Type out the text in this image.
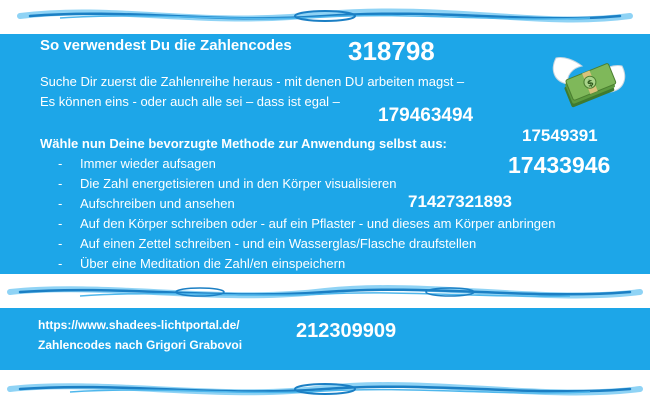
So verwendest Du die Zahlencodes 318798
Suche Dir zuerst die Zahlenreihe heraus - mit denen DU arbeiten magst –
Es können eins - oder auch alle sei – dass ist egal –
179463494
Wähle nun Deine bevorzugte Methode zur Anwendung selbst aus:	17549391
17433946
71427321893
-	Immer wieder aufsagen
-	Die Zahl energetisieren und in den Körper visualisieren
-	Aufschreiben und ansehen
-	Auf den Körper schreiben oder - auf ein Pflaster - und dieses am Körper anbringen
-	Auf einen Zettel schreiben - und ein Wasserglas/Flasche draufstellen
-	Über eine Meditation die Zahl/en einspeichern
$
https://www.shadees-lichtportal.de/
Zahlencodes nach Grigori Grabovoi
212309909
